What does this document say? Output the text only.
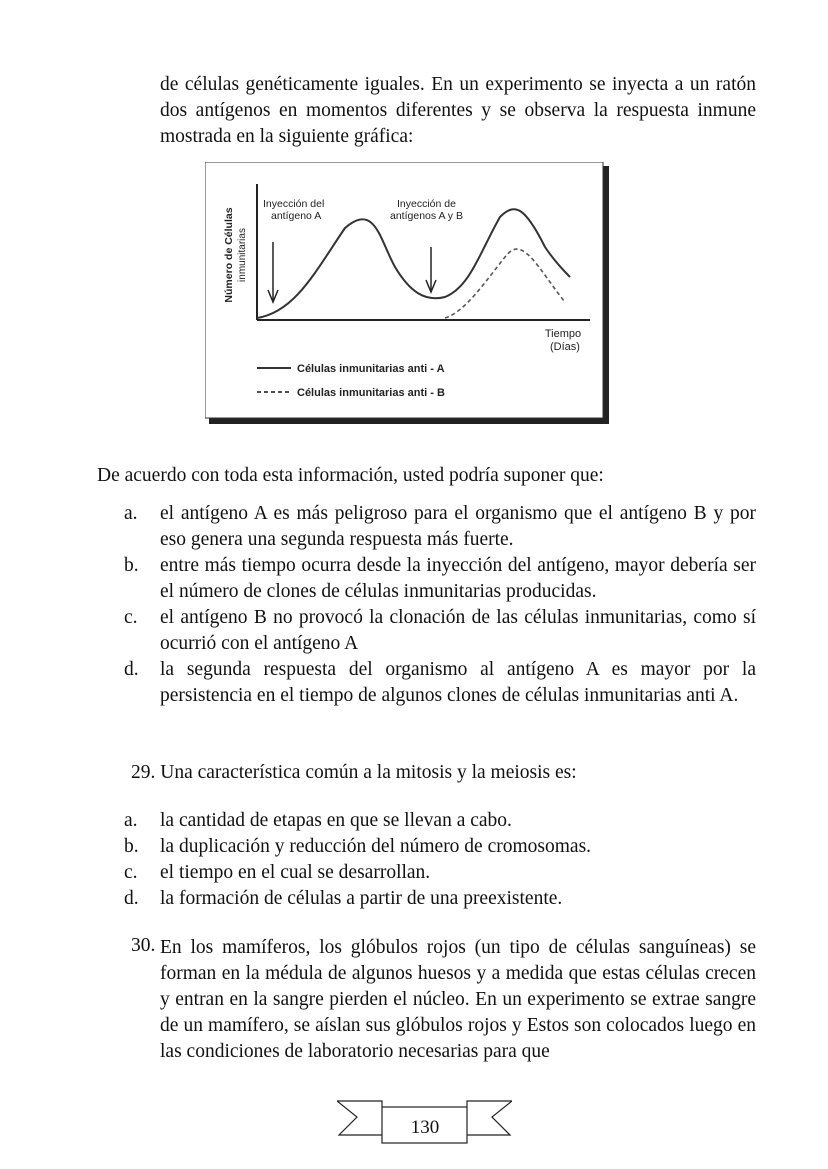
de células genéticamente iguales. En un experimento se inyecta a un ratón dos antígenos en momentos diferentes y se observa la respuesta inmune mostrada en la siguiente gráfica:

Número de Células inmunitarias
Tiempo
(Días)
Inyección del
antígeno A
Inyección de
antígenos A y B
Células inmunitarias anti - A
Células inmunitarias anti - B

De acuerdo con toda esta información, usted podría suponer que:

a.	el antígeno A es más peligroso para el organismo que el antígeno B y por eso genera una segunda respuesta más fuerte.

b.	entre más tiempo ocurra desde la inyección del antígeno, mayor debería ser el número de clones de células inmunitarias producidas.

c.	el antígeno B no provocó la clonación de las células inmunitarias, como sí ocurrió con el antígeno A

d.	la segunda respuesta del organismo al antígeno A es mayor por la persistencia en el tiempo de algunos clones de células inmunitarias anti A.

29. Una característica común a la mitosis y la meiosis es:

a.	la cantidad de etapas en que se llevan a cabo.

b.	la duplicación y reducción del número de cromosomas.

c.	el tiempo en el cual se desarrollan.

d.	la formación de células a partir de una preexistente.

30. En los mamíferos, los glóbulos rojos (un tipo de células sanguíneas) se forman en la médula de algunos huesos y a medida que estas células crecen y entran en la sangre pierden el núcleo. En un experimento se extrae sangre de un mamífero, se aíslan sus glóbulos rojos y Estos son colocados luego en las condiciones de laboratorio necesarias para que

130
